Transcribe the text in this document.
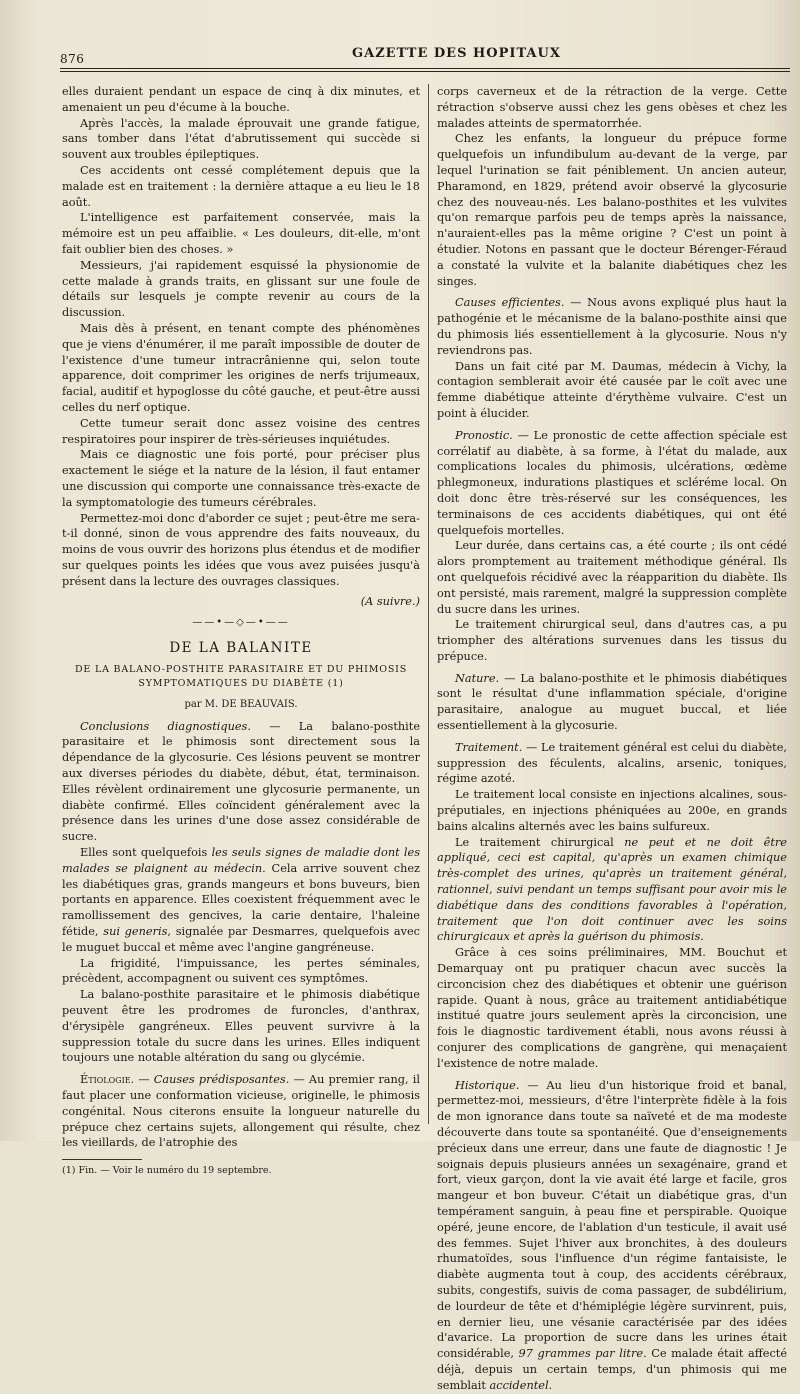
876	GAZETTE DES HOPITAUX

elles duraient pendant un espace de cinq à dix minutes, et amenaient un peu d'écume à la bouche.

Après l'accès, la malade éprouvait une grande fatigue, sans tomber dans l'état d'abrutissement qui succède si souvent aux troubles épileptiques.

Ces accidents ont cessé complétement depuis que la malade est en traitement : la dernière attaque a eu lieu le 18 août.

L'intelligence est parfaitement conservée, mais la mémoire est un peu affaiblie. « Les douleurs, dit-elle, m'ont fait oublier bien des choses. »

Messieurs, j'ai rapidement esquissé la physionomie de cette malade à grands traits, en glissant sur une foule de détails sur lesquels je compte revenir au cours de la discussion.

Mais dès à présent, en tenant compte des phénomènes que je viens d'énumérer, il me paraît impossible de douter de l'existence d'une tumeur intracrânienne qui, selon toute apparence, doit comprimer les origines de nerfs trijumeaux, facial, auditif et hypoglosse du côté gauche, et peut-être aussi celles du nerf optique.

Cette tumeur serait donc assez voisine des centres respiratoires pour inspirer de très-sérieuses inquiétudes.

Mais ce diagnostic une fois porté, pour préciser plus exactement le siége et la nature de la lésion, il faut entamer une discussion qui comporte une connaissance très-exacte de la symptomatologie des tumeurs cérébrales.

Permettez-moi donc d'aborder ce sujet ; peut-être me sera-t-il donné, sinon de vous apprendre des faits nouveaux, du moins de vous ouvrir des horizons plus étendus et de modifier sur quelques points les idées que vous avez puisées jusqu'à présent dans la lecture des ouvrages classiques.

(A suivre.)

——•—◇—•——
DE LA BALANITE
DE LA BALANO-POSTHITE PARASITAIRE ET DU PHIMOSIS SYMPTOMATIQUES DU DIABÈTE (1)
par M. DE BEAUVAIS.

Conclusions diagnostiques. — La balano-posthite parasitaire et le phimosis sont directement sous la dépendance de la glycosurie. Ces lésions peuvent se montrer aux diverses périodes du diabète, début, état, terminaison. Elles révèlent ordinairement une glycosurie permanente, un diabète confirmé. Elles coïncident généralement avec la présence dans les urines d'une dose assez considérable de sucre.

Elles sont quelquefois les seuls signes de maladie dont les malades se plaignent au médecin. Cela arrive souvent chez les diabétiques gras, grands mangeurs et bons buveurs, bien portants en apparence. Elles coexistent fréquemment avec le ramollissement des gencives, la carie dentaire, l'haleine fétide, sui generis, signalée par Desmarres, quelquefois avec le muguet buccal et même avec l'angine gangréneuse.

La frigidité, l'impuissance, les pertes séminales, précèdent, accompagnent ou suivent ces symptômes.

La balano-posthite parasitaire et le phimosis diabétique peuvent être les prodromes de furoncles, d'anthrax, d'érysipèle gangréneux. Elles peuvent survivre à la suppression totale du sucre dans les urines. Elles indiquent toujours une notable altération du sang ou glycémie.

Étiologie. — Causes prédisposantes. — Au premier rang, il faut placer une conformation vicieuse, originelle, le phimosis congénital. Nous citerons ensuite la longueur naturelle du prépuce chez certains sujets, allongement qui résulte, chez les vieillards, de l'atrophie des

(1) Fin. — Voir le numéro du 19 septembre.

corps caverneux et de la rétraction de la verge. Cette rétraction s'observe aussi chez les gens obèses et chez les malades atteints de spermatorrhée.

Chez les enfants, la longueur du prépuce forme quelquefois un infundibulum au-devant de la verge, par lequel l'urination se fait péniblement. Un ancien auteur, Pharamond, en 1829, prétend avoir observé la glycosurie chez des nouveau-nés. Les balano-posthites et les vulvites qu'on remarque parfois peu de temps après la naissance, n'auraient-elles pas la même origine ? C'est un point à étudier. Notons en passant que le docteur Bérenger-Féraud a constaté la vulvite et la balanite diabétiques chez les singes.

Causes efficientes. — Nous avons expliqué plus haut la pathogénie et le mécanisme de la balano-posthite ainsi que du phimosis liés essentiellement à la glycosurie. Nous n'y reviendrons pas.

Dans un fait cité par M. Daumas, médecin à Vichy, la contagion semblerait avoir été causée par le coït avec une femme diabétique atteinte d'érythème vulvaire. C'est un point à élucider.

Pronostic. — Le pronostic de cette affection spéciale est corrélatif au diabète, à sa forme, à l'état du malade, aux complications locales du phimosis, ulcérations, œdème phlegmoneux, indurations plastiques et scléréme local. On doit donc être très-réservé sur les conséquences, les terminaisons de ces accidents diabétiques, qui ont été quelquefois mortelles.

Leur durée, dans certains cas, a été courte ; ils ont cédé alors promptement au traitement méthodique général. Ils ont quelquefois récidivé avec la réapparition du diabète. Ils ont persisté, mais rarement, malgré la suppression complète du sucre dans les urines.

Le traitement chirurgical seul, dans d'autres cas, a pu triompher des altérations survenues dans les tissus du prépuce.

Nature. — La balano-posthite et le phimosis diabétiques sont le résultat d'une inflammation spéciale, d'origine parasitaire, analogue au muguet buccal, et liée essentiellement à la glycosurie.

Traitement. — Le traitement général est celui du diabète, suppression des féculents, alcalins, arsenic, toniques, régime azoté.

Le traitement local consiste en injections alcalines, sous-préputiales, en injections phéniquées au 200e, en grands bains alcalins alternés avec les bains sulfureux.

Le traitement chirurgical ne peut et ne doit être appliqué, ceci est capital, qu'après un examen chimique très-complet des urines, qu'après un traitement général, rationnel, suivi pendant un temps suffisant pour avoir mis le diabétique dans des conditions favorables à l'opération, traitement que l'on doit continuer avec les soins chirurgicaux et après la guérison du phimosis.

Grâce à ces soins préliminaires, MM. Bouchut et Demarquay ont pu pratiquer chacun avec succès la circoncision chez des diabétiques et obtenir une guérison rapide. Quant à nous, grâce au traitement antidiabétique institué quatre jours seulement après la circoncision, une fois le diagnostic tardivement établi, nous avons réussi à conjurer des complications de gangrène, qui menaçaient l'existence de notre malade.

Historique. — Au lieu d'un historique froid et banal, permettez-moi, messieurs, d'être l'interprète fidèle à la fois de mon ignorance dans toute sa naïveté et de ma modeste découverte dans toute sa spontanéité. Que d'enseignements précieux dans une erreur, dans une faute de diagnostic ! Je soignais depuis plusieurs années un sexagénaire, grand et fort, vieux garçon, dont la vie avait été large et facile, gros mangeur et bon buveur. C'était un diabétique gras, d'un tempérament sanguin, à peau fine et perspirable. Quoique opéré, jeune encore, de l'ablation d'un testicule, il avait usé des femmes. Sujet l'hiver aux bronchites, à des douleurs rhumatoïdes, sous l'influence d'un régime fantaisiste, le diabète augmenta tout à coup, des accidents cérébraux, subits, congestifs, suivis de coma passager, de subdélirium, de lourdeur de tête et d'hémiplégie légère survinrent, puis, en dernier lieu, une vésanie caractérisée par des idées d'avarice. La proportion de sucre dans les urines était considérable, 97 grammes par litre. Ce malade était affecté déjà, depuis un certain temps, d'un phimosis qui me semblait accidentel.
